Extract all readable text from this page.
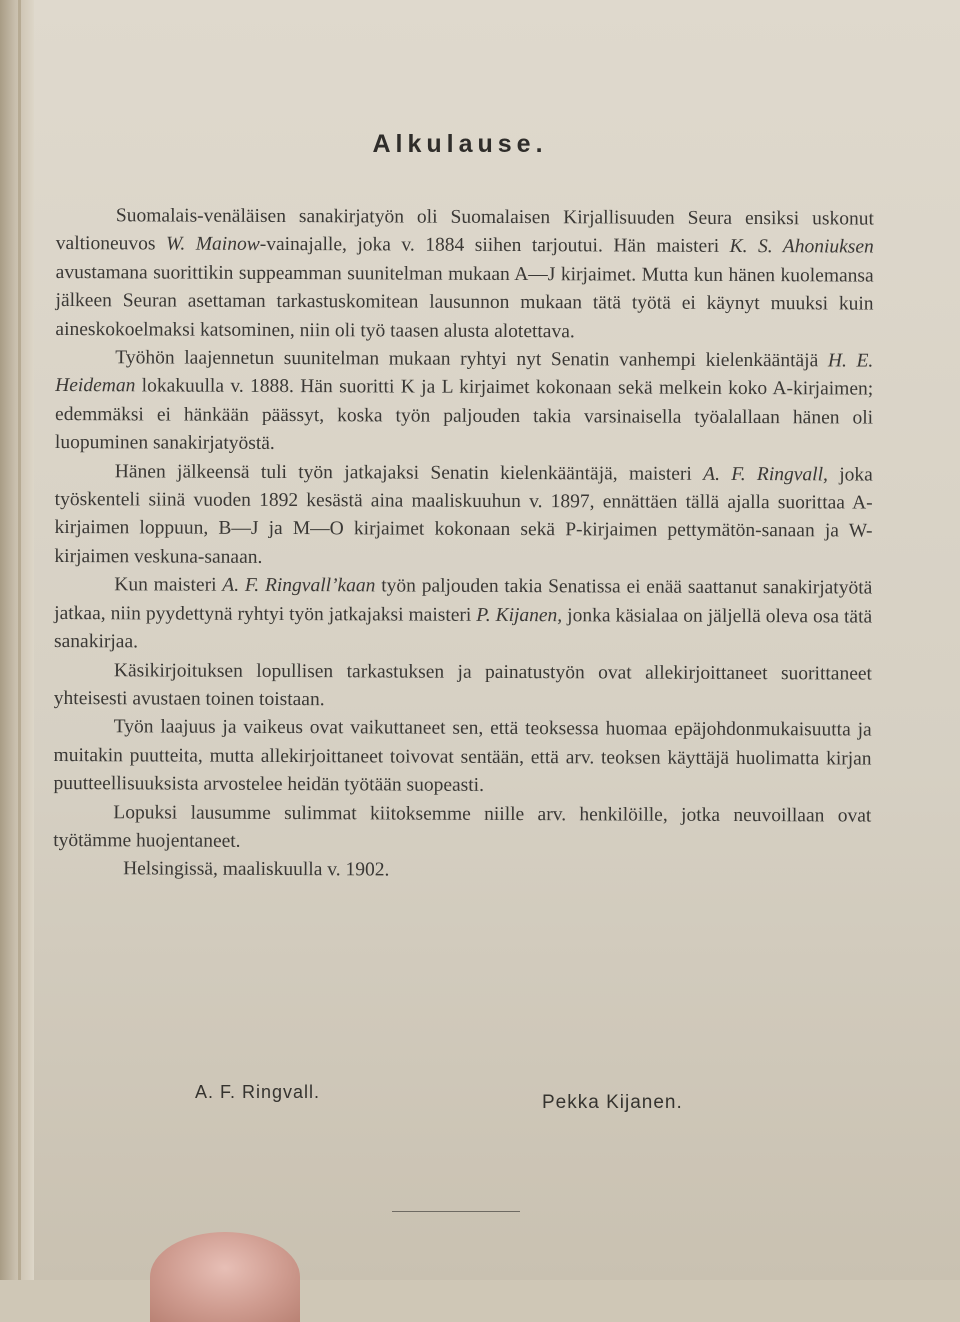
Alkulause.

Suomalais-venäläisen sanakirjatyön oli Suomalaisen Kirjallisuuden Seura ensiksi uskonut valtioneuvos W. Mainow-vainajalle, joka v. 1884 siihen tarjoutui. Hän maisteri K. S. Ahoniuksen avustamana suorittikin suppeamman suunitelman mukaan A—J kirjaimet. Mutta kun hänen kuolemansa jälkeen Seuran asettaman tarkastuskomitean lausunnon mukaan tätä työtä ei käynyt muuksi kuin aineskokoelmaksi katsominen, niin oli työ taasen alusta alotettava.

Työhön laajennetun suunitelman mukaan ryhtyi nyt Senatin vanhempi kielenkääntäjä H. E. Heideman lokakuulla v. 1888. Hän suoritti K ja L kirjaimet kokonaan sekä melkein koko A-kirjaimen; edemmäksi ei hänkään päässyt, koska työn paljouden takia varsinaisella työalallaan hänen oli luopuminen sanakirjatyöstä.

Hänen jälkeensä tuli työn jatkajaksi Senatin kielenkääntäjä, maisteri A. F. Ringvall, joka työskenteli siinä vuoden 1892 kesästä aina maaliskuuhun v. 1897, ennättäen tällä ajalla suorittaa A-kirjaimen loppuun, B—J ja M—O kirjaimet kokonaan sekä P-kirjaimen pettymätön-sanaan ja W-kirjaimen veskuna-sanaan.

Kun maisteri A. F. Ringvall’kaan työn paljouden takia Senatissa ei enää saattanut sanakirjatyötä jatkaa, niin pyydettynä ryhtyi työn jatkajaksi maisteri P. Kijanen, jonka käsialaa on jäljellä oleva osa tätä sanakirjaa.

Käsikirjoituksen lopullisen tarkastuksen ja painatustyön ovat allekirjoittaneet suorittaneet yhteisesti avustaen toinen toistaan.

Työn laajuus ja vaikeus ovat vaikuttaneet sen, että teoksessa huomaa epäjohdonmukaisuutta ja muitakin puutteita, mutta allekirjoittaneet toivovat sentään, että arv. teoksen käyttäjä huolimatta kirjan puutteellisuuksista arvostelee heidän työtään suopeasti.

Lopuksi lausumme sulimmat kiitoksemme niille arv. henkilöille, jotka neuvoillaan ovat työtämme huojentaneet.

Helsingissä, maaliskuulla v. 1902.

A. F. Ringvall.	Pekka Kijanen.
